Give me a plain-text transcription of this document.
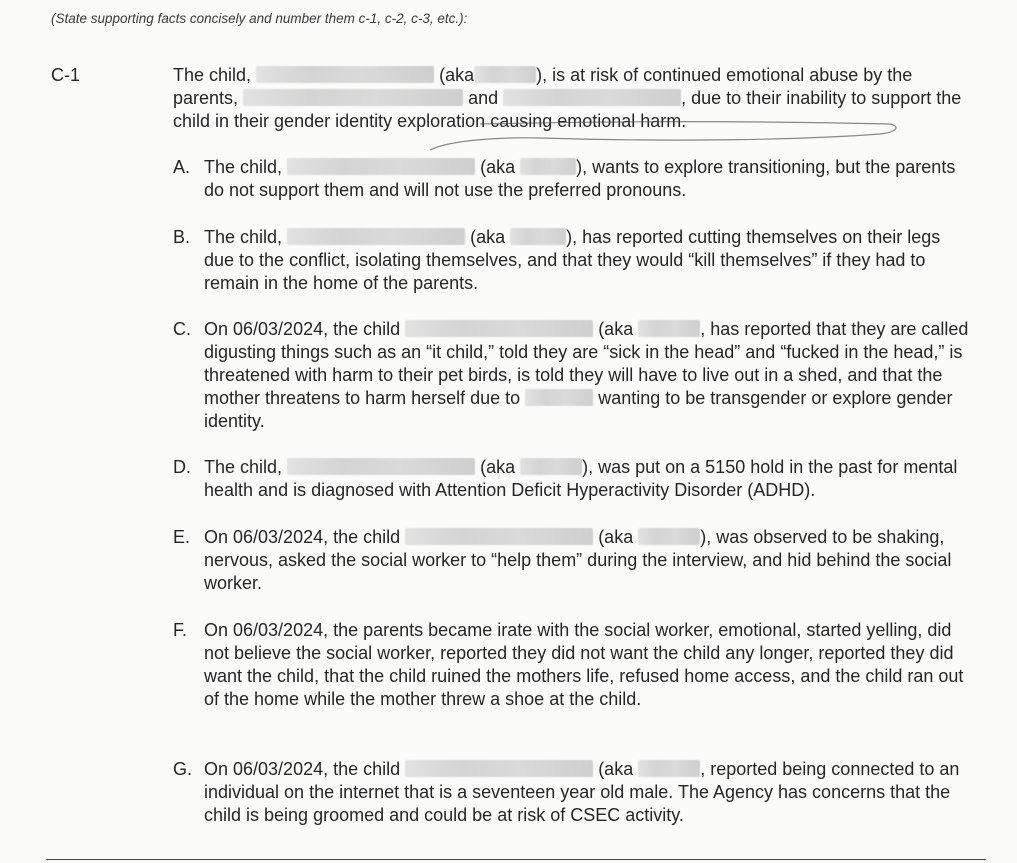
(State supporting facts concisely and number them c-1, c-2, c-3, etc.):
C-1	The child,	(aka	), is at risk of continued emotional abuse by the parents,	and	, due to their inability to support the child in their gender identity exploration causing emotional harm.
A. The child,	(aka	), wants to explore transitioning, but the parents do not support them and will not use the preferred pronouns.
B. The child,	(aka	), has reported cutting themselves on their legs due to the conflict, isolating themselves, and that they would “kill themselves” if they had to remain in the home of the parents.
C. On 06/03/2024, the child	(aka	, has reported that they are called digusting things such as an “it child,” told they are “sick in the head” and “fucked in the head,” is threatened with harm to their pet birds, is told they will have to live out in a shed, and that the mother threatens to harm herself due to	wanting to be transgender or explore gender identity.
D. The child,	(aka	), was put on a 5150 hold in the past for mental health and is diagnosed with Attention Deficit Hyperactivity Disorder (ADHD).
E. On 06/03/2024, the child	(aka	), was observed to be shaking, nervous, asked the social worker to “help them” during the interview, and hid behind the social worker.
F. On 06/03/2024, the parents became irate with the social worker, emotional, started yelling, did not believe the social worker, reported they did not want the child any longer, reported they did want the child, that the child ruined the mothers life, refused home access, and the child ran out of the home while the mother threw a shoe at the child.
G. On 06/03/2024, the child	(aka	, reported being connected to an individual on the internet that is a seventeen year old male. The Agency has concerns that the child is being groomed and could be at risk of CSEC activity.
